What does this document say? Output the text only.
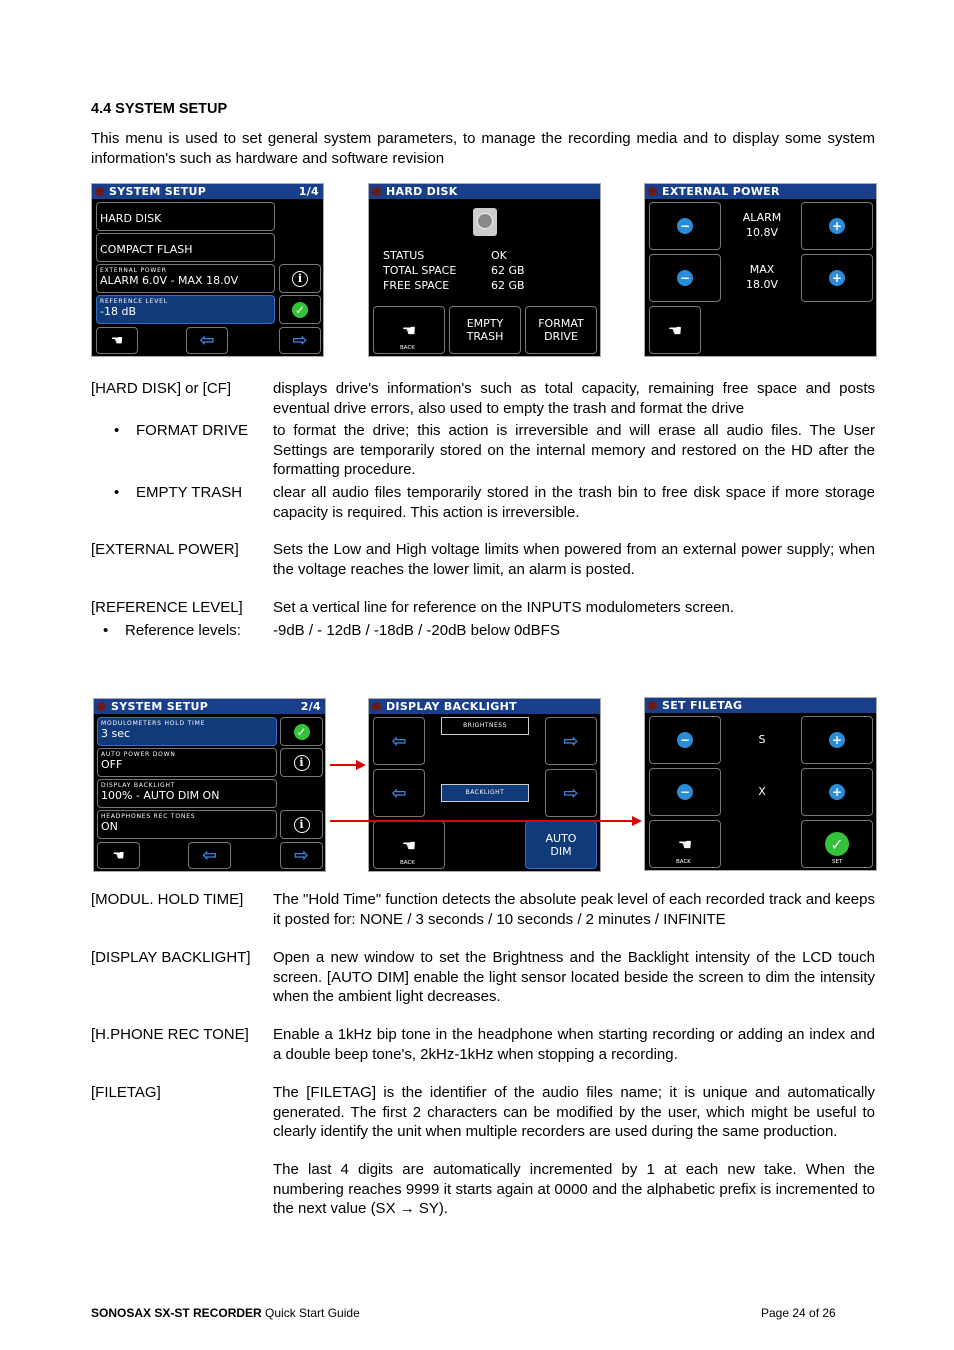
4.4 SYSTEM SETUP
This menu is used to set general system parameters, to manage the recording media and to display some system information's such as hardware and software revision
SYSTEM SETUP	1/4
HARD DISK
COMPACT FLASH
EXTERNAL POWER
ALARM 6.0V - MAX 18.0V
REFERENCE LEVEL
-18 dB
i
✓
☚	⇦	⇨
HARD DISK
STATUS	OK
TOTAL SPACE	62 GB
FREE SPACE	62 GB
☚
BACK
EMPTY
TRASH
FORMAT
DRIVE
EXTERNAL POWER
−
ALARM
10.8V	+
−
MAX
18.0V	+
☚
[HARD DISK] or [CF]	displays drive's information's such as total capacity, remaining free space and posts eventual drive errors, also used to empty the trash and format the drive
• FORMAT DRIVE to format the drive; this action is irreversible and will erase all audio files. The User Settings are temporarily stored on the internal memory and restored on the HD after the formatting procedure.
• EMPTY TRASH clear all audio files temporarily stored in the trash bin to free disk space if more storage capacity is required. This action is irreversible.
[EXTERNAL POWER] Sets the Low and High voltage limits when powered from an external power supply; when the voltage reaches the lower limit, an alarm is posted.
[REFERENCE LEVEL] Set a vertical line for reference on the INPUTS modulometers screen.
• Reference levels: -9dB / - 12dB / -18dB / -20dB below 0dBFS
SYSTEM SETUP	2/4
MODULOMETERS HOLD TIME
3 sec
AUTO POWER DOWN
OFF
DISPLAY BACKLIGHT
100% - AUTO DIM ON
HEADPHONES REC TONES
ON
✓
i
i
☚	⇦	⇨
DISPLAY BACKLIGHT
⇦
BRIGHTNESS
⇨
⇦	BACKLIGHT	⇨
☚
BACK
AUTO
DIM
SET FILETAG
−	S	+
−	X	+
☚
BACK
✓
SET
[MODUL. HOLD TIME] The "Hold Time" function detects the absolute peak level of each recorded track and keeps it posted for: NONE / 3 seconds / 10 seconds / 2 minutes / INFINITE
[DISPLAY BACKLIGHT] Open a new window to set the Brightness and the Backlight intensity of the LCD touch screen. [AUTO DIM] enable the light sensor located beside the screen to dim the intensity when the ambient light decreases.
[H.PHONE REC TONE] Enable a 1kHz bip tone in the headphone when starting recording or adding an index and a double beep tone's, 2kHz-1kHz when stopping a recording.
[FILETAG]	The [FILETAG] is the identifier of the audio files name; it is unique and automatically generated. The first 2 characters can be modified by the user, which might be useful to clearly identify the unit when multiple recorders are used during the same production.
The last 4 digits are automatically incremented by 1 at each new take. When the numbering reaches 9999 it starts again at 0000 and the alphabetic prefix is incremented to the next value (SX → SY).
SONOSAX SX-ST RECORDER Quick Start Guide	Page 24 of 26
